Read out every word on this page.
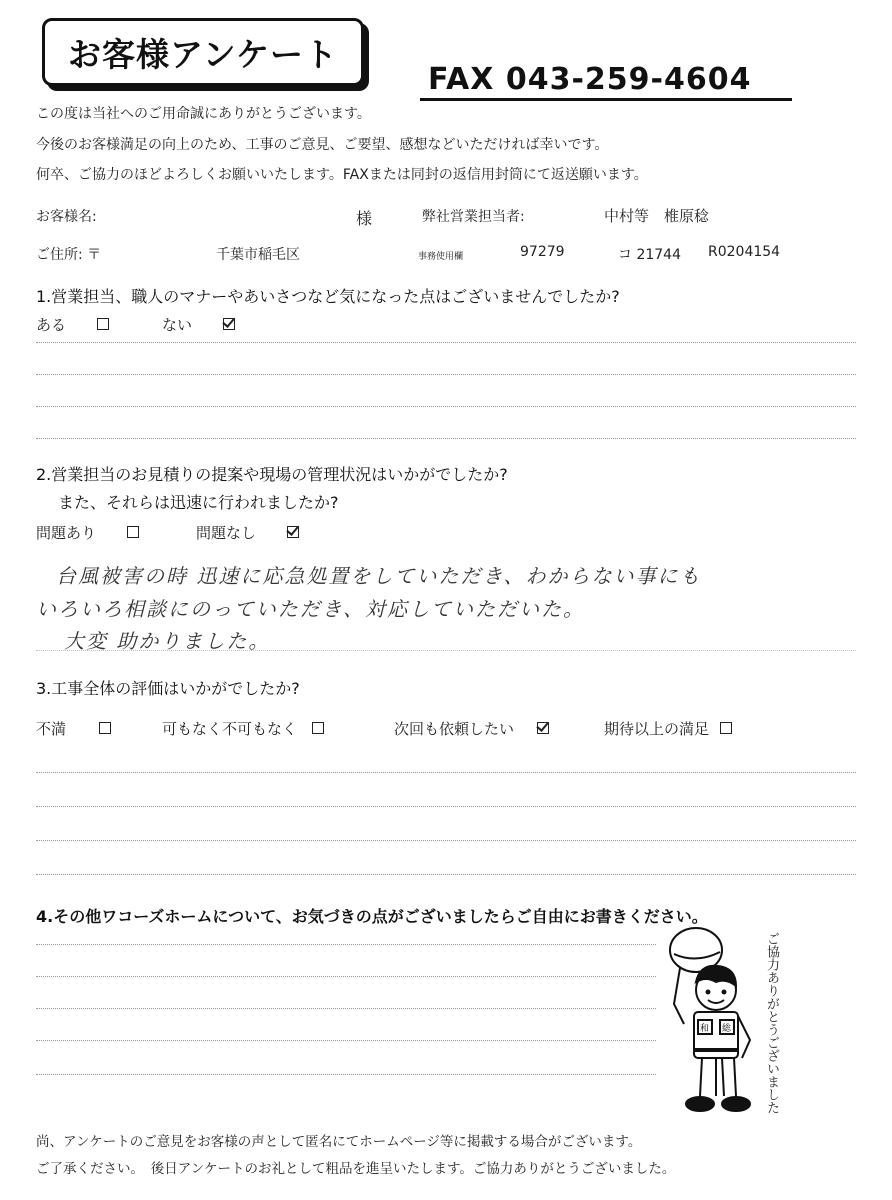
お客様アンケート
FAX 043-259-4604
この度は当社へのご用命誠にありがとうございます。
今後のお客様満足の向上のため、工事のご意見、ご要望、感想などいただければ幸いです。
何卒、ご協力のほどよろしくお願いいたします。FAXまたは同封の返信用封筒にて返送願います。
お客様名:	様	弊社営業担当者:	中村等　椎原稔
ご住所: 〒	千葉市稲毛区	事務使用欄	97279	コ 21744 R0204154
1.営業担当、職人のマナーやあいさつなど気になった点はございませんでしたか?
ある	ない
2.営業担当のお見積りの提案や現場の管理状況はいかがでしたか?
また、それらは迅速に行われましたか?
問題あり	問題なし
台風被害の時 迅速に応急処置をしていただき、わからない事にも
いろいろ相談にのっていただき、対応していただいた。
大変 助かりました。
3.工事全体の評価はいかがでしたか?
不満	可もなく不可もなく	次回も依頼したい	期待以上の満足
4.その他ワコーズホームについて、お気づきの点がございましたらご自由にお書きください。
和 総	ご協力ありがとうございました
尚、アンケートのご意見をお客様の声として匿名にてホームページ等に掲載する場合がございます。
ご了承ください。　後日アンケートのお礼として粗品を進呈いたします。ご協力ありがとうございました。
